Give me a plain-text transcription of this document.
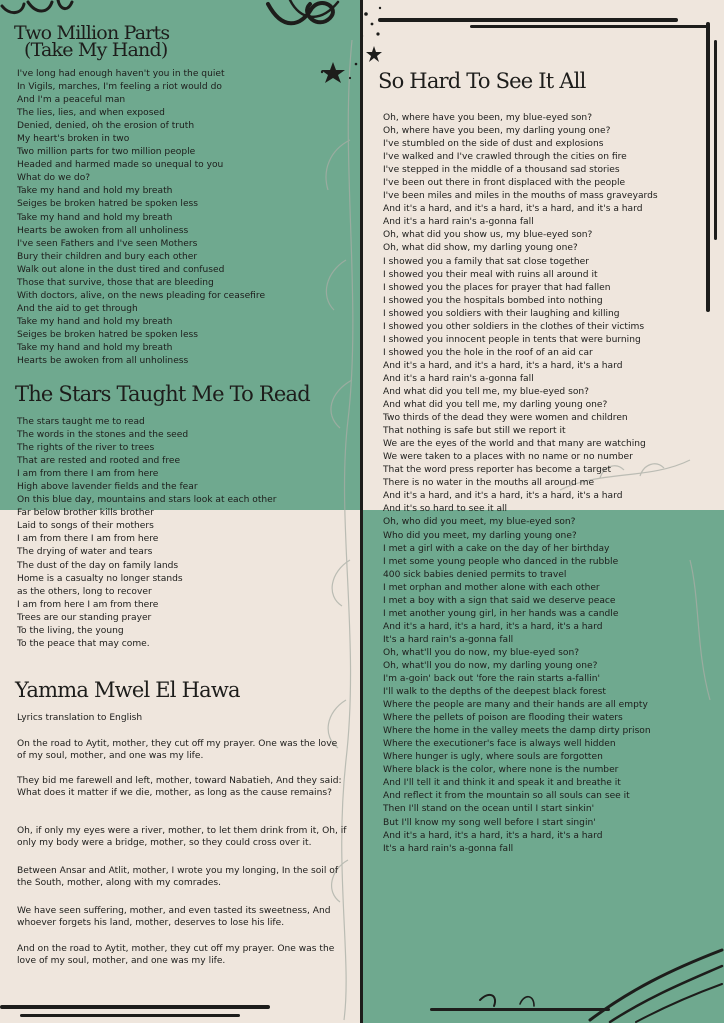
Two Million Parts
(Take My Hand)
I've long had enough haven't you in the quiet
In Vigils, marches, I'm feeling a riot would do
And I'm a peaceful man
The lies, lies, and when exposed
Denied, denied, oh the erosion of truth
My heart's broken in two
Two million parts for two million people
Headed and harmed made so unequal to you
What do we do?
Take my hand and hold my breath
Seiges be broken hatred be spoken less
Take my hand and hold my breath
Hearts be awoken from all unholiness
I've seen Fathers and I've seen Mothers
Bury their children and bury each other
Walk out alone in the dust tired and confused
Those that survive, those that are bleeding
With doctors, alive, on the news pleading for ceasefire
And the aid to get through
Take my hand and hold my breath
Seiges be broken hatred be spoken less
Take my hand and hold my breath
Hearts be awoken from all unholiness
The Stars Taught Me To Read
The stars taught me to read
The words in the stones and the seed
The rights of the river to trees
That are rested and rooted and free
I am from there I am from here
High above lavender fields and the fear
On this blue day, mountains and stars look at each other
Far below brother kills brother
Laid to songs of their mothers
I am from there I am from here
The drying of water and tears
The dust of the day on family lands
Home is a casualty no longer stands
as the others, long to recover
I am from here I am from there
Trees are our standing prayer
To the living, the young
To the peace that may come.
Yamma Mwel El Hawa

Lyrics translation to English

On the road to Aytit, mother, they cut off my prayer. One was the love of my soul, mother, and one was my life.

They bid me farewell and left, mother, toward Nabatieh, And they said: What does it matter if we die, mother, as long as the cause remains?

Oh, if only my eyes were a river, mother, to let them drink from it, Oh, if only my body were a bridge, mother, so they could cross over it.

Between Ansar and Atlit, mother, I wrote you my longing, In the soil of the South, mother, along with my comrades.

We have seen suffering, mother, and even tasted its sweetness, And whoever forgets his land, mother, deserves to lose his life.

And on the road to Aytit, mother, they cut off my prayer. One was the love of my soul, mother, and one was my life.

So Hard To See It All
Oh, where have you been, my blue-eyed son?
Oh, where have you been, my darling young one?
I've stumbled on the side of dust and explosions
I've walked and I've crawled through the cities on fire
I've stepped in the middle of a thousand sad stories
I've been out there in front displaced with the people
I've been miles and miles in the mouths of mass graveyards
And it's a hard, and it's a hard, it's a hard, and it's a hard
And it's a hard rain's a-gonna fall
Oh, what did you show us, my blue-eyed son?
Oh, what did show, my darling young one?
I showed you a family that sat close together
I showed you their meal with ruins all around it
I showed you the places for prayer that had fallen
I showed you the hospitals bombed into nothing
I showed you soldiers with their laughing and killing
I showed you other soldiers in the clothes of their victims
I showed you innocent people in tents that were burning
I showed you the hole in the roof of an aid car
And it's a hard, and it's a hard, it's a hard, it's a hard
And it's a hard rain's a-gonna fall
And what did you tell me, my blue-eyed son?
And what did you tell me, my darling young one?
Two thirds of the dead they were women and children
That nothing is safe but still we report it
We are the eyes of the world and that many are watching
We were taken to a places with no name or no number
That the word press reporter has become a target
There is no water in the mouths all around me
And it's a hard, and it's a hard, it's a hard, it's a hard
And it's so hard to see it all
Oh, who did you meet, my blue-eyed son?
Who did you meet, my darling young one?
I met a girl with a cake on the day of her birthday
I met some young people who danced in the rubble
400 sick babies denied permits to travel
I met orphan and mother alone with each other
I met a boy with a sign that said we deserve peace
I met another young girl, in her hands was a candle
And it's a hard, it's a hard, it's a hard, it's a hard
It's a hard rain's a-gonna fall
Oh, what'll you do now, my blue-eyed son?
Oh, what'll you do now, my darling young one?
I'm a-goin' back out 'fore the rain starts a-fallin'
I'll walk to the depths of the deepest black forest
Where the people are many and their hands are all empty
Where the pellets of poison are flooding their waters
Where the home in the valley meets the damp dirty prison
Where the executioner's face is always well hidden
Where hunger is ugly, where souls are forgotten
Where black is the color, where none is the number
And I'll tell it and think it and speak it and breathe it
And reflect it from the mountain so all souls can see it
Then I'll stand on the ocean until I start sinkin'
But I'll know my song well before I start singin'
And it's a hard, it's a hard, it's a hard, it's a hard
It's a hard rain's a-gonna fall
